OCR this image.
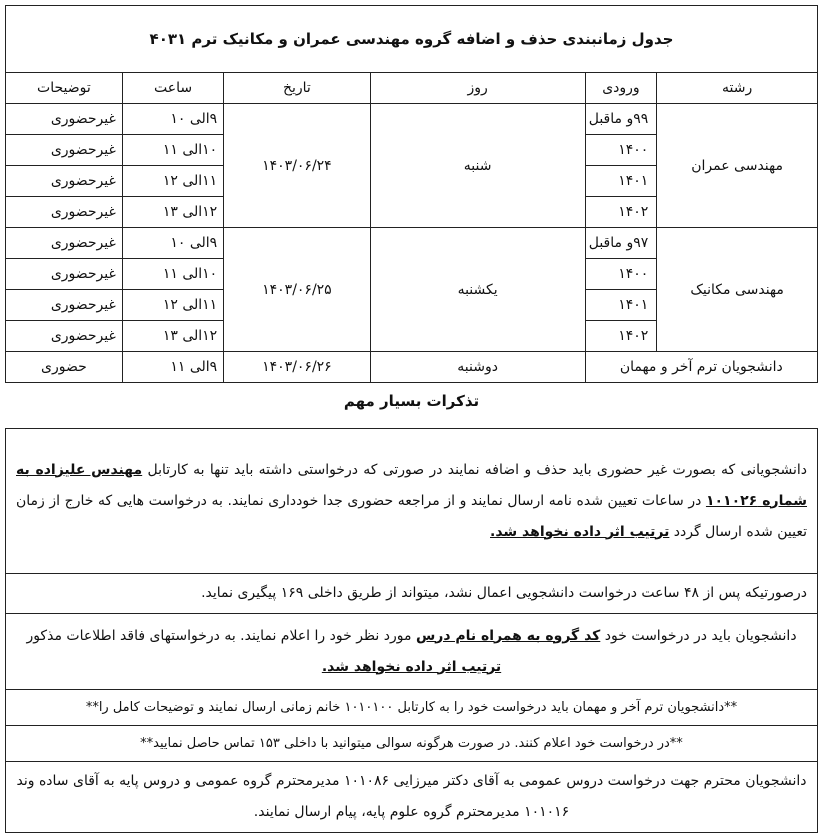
جدول زمانبندی حذف و اضافه گروه مهندسی عمران و مکانیک ترم ۴۰۳۱					
رشته	ورودی	روز	تاریخ	ساعت	توضیحات
مهندسی عمران	۹۹و ماقبل	شنبه	۱۴۰۳/۰۶/۲۴	۹الی ۱۰	غیرحضوری
	۱۴۰۰			۱۰الی ۱۱	غیرحضوری
	۱۴۰۱			۱۱الی ۱۲	غیرحضوری
	۱۴۰۲			۱۲الی ۱۳	غیرحضوری
مهندسی مکانیک	۹۷و ماقبل	یکشنبه	۱۴۰۳/۰۶/۲۵	۹الی ۱۰	غیرحضوری
	۱۴۰۰			۱۰الی ۱۱	غیرحضوری
	۱۴۰۱			۱۱الی ۱۲	غیرحضوری
	۱۴۰۲			۱۲الی ۱۳	غیرحضوری
دانشجویان ترم آخر و مهمان		دوشنبه	۱۴۰۳/۰۶/۲۶	۹الی ۱۱	حضوری
تذکرات بسیار مهم
دانشجویانی که بصورت غیر حضوری باید حذف و اضافه نمایند در صورتی که درخواستی داشته باید تنها به کارتابل مهندس علیزاده به شماره ۱۰۱۰۲۶ در ساعات تعیین شده نامه ارسال نمایند و از مراجعه حضوری جدا خودداری نمایند. به درخواست هایی که خارج از زمان تعیین شده ارسال گردد ترتیب اثر داده نخواهد شد.
درصورتیکه پس از ۴۸ ساعت درخواست دانشجویی اعمال نشد، میتواند از طریق داخلی ۱۶۹ پیگیری نماید.
دانشجویان باید در درخواست خود کد گروه به همراه نام درس مورد نظر خود را اعلام نمایند. به درخواستهای فاقد اطلاعات مذکور ترتیب اثر داده نخواهد شد.
**دانشجویان ترم آخر و مهمان باید درخواست خود را به کارتابل ۱۰۱۰۱۰۰ خانم زمانی ارسال نمایند و توضیحات کامل را**
**در درخواست خود اعلام کنند. در صورت هرگونه سوالی میتوانید با داخلی ۱۵۳ تماس حاصل نمایید**
دانشجویان محترم جهت درخواست دروس عمومی به آقای دکتر میرزایی ۱۰۱۰۸۶ مدیرمحترم گروه عمومی و دروس پایه به آقای ساده وند ۱۰۱۰۱۶ مدیرمحترم گروه علوم پایه، پیام ارسال نمایند.
